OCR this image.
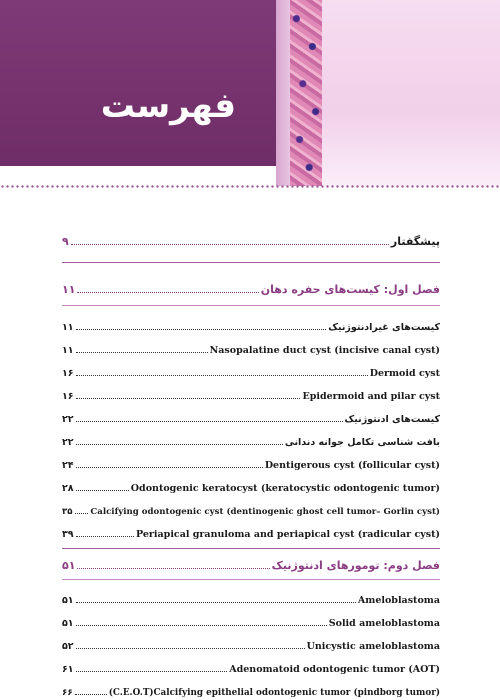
فهرست
پیشگفتار
۹
فصل اول: کیست‌های حفره دهان
۱۱
کیست‌های غیرادنتوژنیک
۱۱
Nasopalatine duct cyst (incisive canal cyst)
۱۱
Dermoid cyst
۱۶
Epidermoid and pilar cyst
۱۶
کیست‌های ادنتوژنیک
۲۲
بافت شناسی تکامل جوانه دندانی
۲۲
Dentigerous cyst (follicular cyst)
۲۴
Odontogenic keratocyst (keratocystic odontogenic tumor)
۲۸
Calcifying odontogenic cyst (dentinogenic ghost cell tumor– Gorlin cyst)
۳۵
Periapical granuloma and periapical cyst (radicular cyst)
۳۹
فصل دوم: تومورهای ادنتوژنیک
۵۱
Ameloblastoma
۵۱
Solid ameloblastoma
۵۱
Unicystic ameloblastoma
۵۲
Adenomatoid odontogenic tumor (AOT)
۶۱
(C.E.O.T)Calcifying epithelial odontogenic tumor (pindborg tumor)
۶۶
